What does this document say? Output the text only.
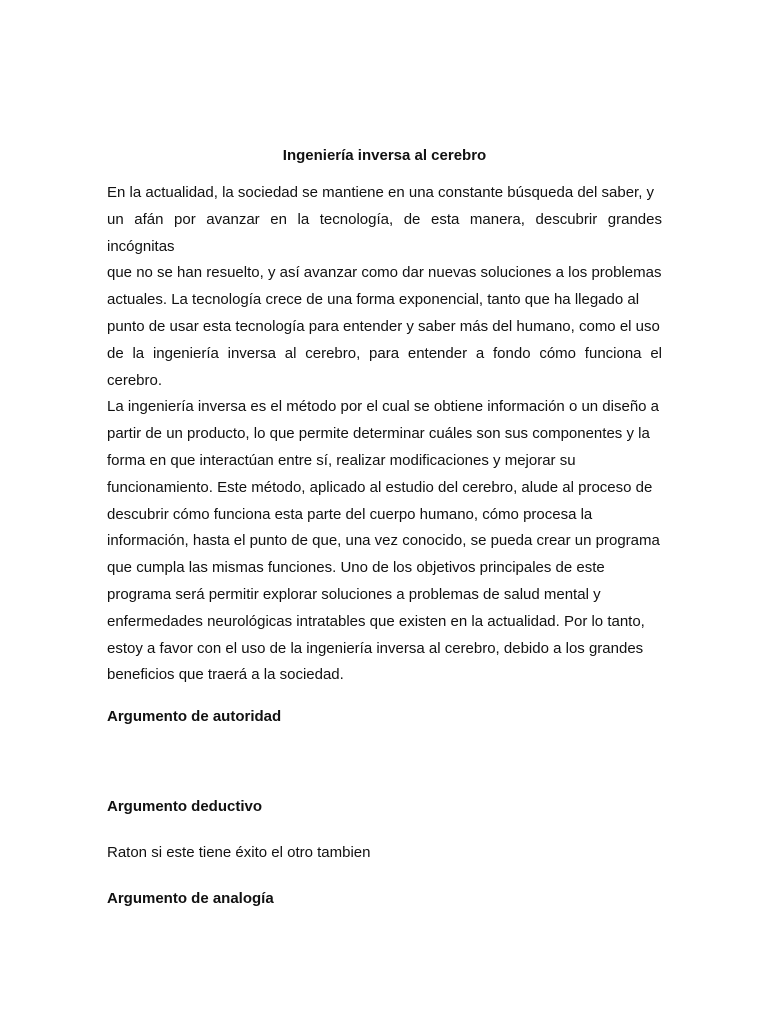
Ingeniería inversa al cerebro

En la actualidad, la sociedad se mantiene en una constante búsqueda del saber, y
un afán por avanzar en la tecnología, de esta manera, descubrir grandes incógnitas
que no se han resuelto, y así avanzar como dar nuevas soluciones a los problemas
actuales. La tecnología crece de una forma exponencial, tanto que ha llegado al
punto de usar esta tecnología para entender y saber más del humano, como el uso
de la ingeniería inversa al cerebro, para entender a fondo cómo funciona el cerebro.
La ingeniería inversa es el método por el cual se obtiene información o un diseño a
partir de un producto, lo que permite determinar cuáles son sus componentes y la
forma en que interactúan entre sí, realizar modificaciones y mejorar su
funcionamiento. Este método, aplicado al estudio del cerebro, alude al proceso de
descubrir cómo funciona esta parte del cuerpo humano, cómo procesa la
información, hasta el punto de que, una vez conocido, se pueda crear un programa
que cumpla las mismas funciones. Uno de los objetivos principales de este
programa será permitir explorar soluciones a problemas de salud mental y
enfermedades neurológicas intratables que existen en la actualidad. Por lo tanto,
estoy a favor con el uso de la ingeniería inversa al cerebro, debido a los grandes
beneficios que traerá a la sociedad.

Argumento de autoridad
Argumento deductivo

Raton si este tiene éxito el otro tambien

Argumento de analogía
